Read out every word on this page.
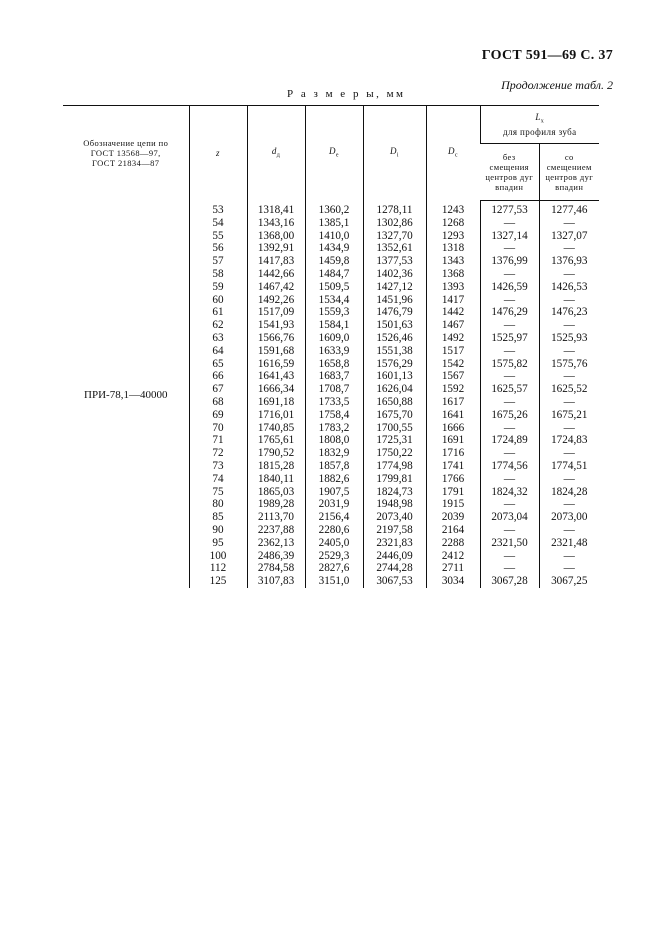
ГОСТ 591—69 С. 37
Продолжение табл. 2
Р а з м е р ы, мм
Обозначение цепи по ГОСТ 13568—97, ГОСТ 21834—87	z	$d_д$	$D_e$	$D_i$	$D_c$	$L_x$
для профиля зуба	
						без смещения центров дуг впадин	со смещением центров дуг впадин
ПРИ-78,1—40000	53	1318,41	1360,2	1278,11	1243	1277,53	1277,46
	54	1343,16	1385,1	1302,86	1268	—	—
	55	1368,00	1410,0	1327,70	1293	1327,14	1327,07
	56	1392,91	1434,9	1352,61	1318	—	—
	57	1417,83	1459,8	1377,53	1343	1376,99	1376,93
	58	1442,66	1484,7	1402,36	1368	—	—
	59	1467,42	1509,5	1427,12	1393	1426,59	1426,53
	60	1492,26	1534,4	1451,96	1417	—	—
	61	1517,09	1559,3	1476,79	1442	1476,29	1476,23
	62	1541,93	1584,1	1501,63	1467	—	—
	63	1566,76	1609,0	1526,46	1492	1525,97	1525,93
	64	1591,68	1633,9	1551,38	1517	—	—
	65	1616,59	1658,8	1576,29	1542	1575,82	1575,76
	66	1641,43	1683,7	1601,13	1567	—	—
	67	1666,34	1708,7	1626,04	1592	1625,57	1625,52
	68	1691,18	1733,5	1650,88	1617	—	—
	69	1716,01	1758,4	1675,70	1641	1675,26	1675,21
	70	1740,85	1783,2	1700,55	1666	—	—
	71	1765,61	1808,0	1725,31	1691	1724,89	1724,83
	72	1790,52	1832,9	1750,22	1716	—	—
	73	1815,28	1857,8	1774,98	1741	1774,56	1774,51
	74	1840,11	1882,6	1799,81	1766	—	—
	75	1865,03	1907,5	1824,73	1791	1824,32	1824,28
	80	1989,28	2031,9	1948,98	1915	—	—
	85	2113,70	2156,4	2073,40	2039	2073,04	2073,00
	90	2237,88	2280,6	2197,58	2164	—	—
	95	2362,13	2405,0	2321,83	2288	2321,50	2321,48
	100	2486,39	2529,3	2446,09	2412	—	—
	112	2784,58	2827,6	2744,28	2711	—	—
	125	3107,83	3151,0	3067,53	3034	3067,28	3067,25
